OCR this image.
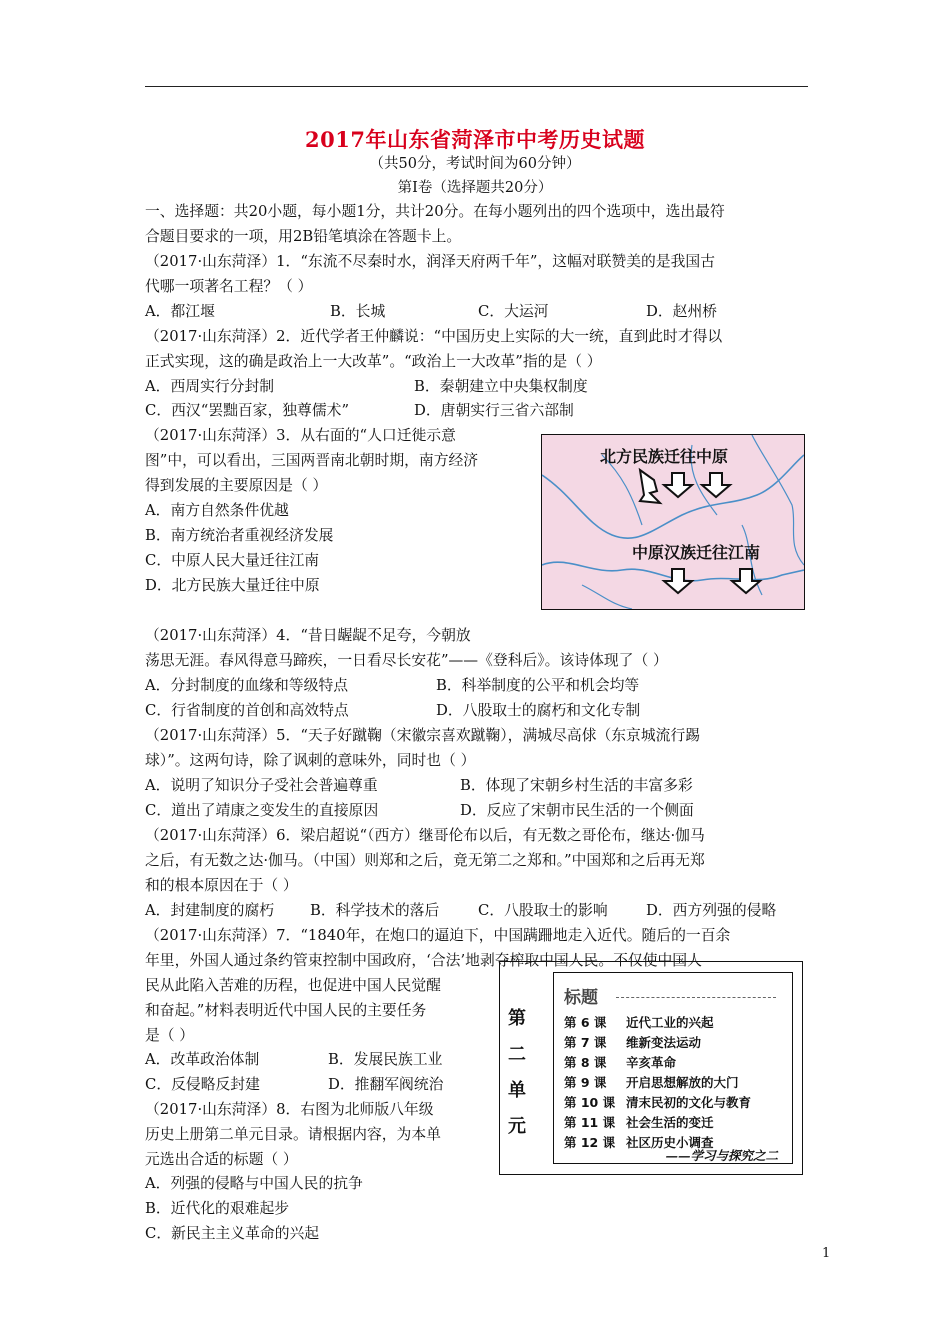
2017年山东省菏泽市中考历史试题
（共50分，考试时间为60分钟）
第Ⅰ卷（选择题共20分）
一、选择题：共20小题，每小题1分，共计20分。在每小题列出的四个选项中，选出最符
合题目要求的一项，用2B铅笔填涂在答题卡上。
（2017·山东菏泽）1．“东流不尽秦时水，润泽天府两千年”，这幅对联赞美的是我国古
代哪一项著名工程？（ ）
A．都江堰	B．长城	C．大运河	D．赵州桥
（2017·山东菏泽）2．近代学者王仲麟说：“中国历史上实际的大一统，直到此时才得以
正式实现，这的确是政治上一大改革”。“政治上一大改革”指的是（ ）
A．西周实行分封制	B．秦朝建立中央集权制度
C．西汉“罢黜百家，独尊儒术”	D．唐朝实行三省六部制
（2017·山东菏泽）3．从右面的“人口迁徙示意
图”中，可以看出，三国两晋南北朝时期，南方经济
得到发展的主要原因是（ ）
A．南方自然条件优越
B．南方统治者重视经济发展
C．中原人民大量迁往江南
D．北方民族大量迁往中原
北方民族迁往中原
中原汉族迁往江南
（2017·山东菏泽）4．“昔日龌龊不足夸，今朝放
荡思无涯。春风得意马蹄疾，一日看尽长安花”——《登科后》。该诗体现了（ ）
A．分封制度的血缘和等级特点	B．科举制度的公平和机会均等
C．行省制度的首创和高效特点	D．八股取士的腐朽和文化专制
（2017·山东菏泽）5．“天子好蹴鞠（宋徽宗喜欢蹴鞠），满城尽高俅（东京城流行踢
球）”。这两句诗，除了讽刺的意味外，同时也（ ）
A．说明了知识分子受社会普遍尊重	B．体现了宋朝乡村生活的丰富多彩
C．道出了靖康之变发生的直接原因	D．反应了宋朝市民生活的一个侧面
（2017·山东菏泽）6．梁启超说“（西方）继哥伦布以后，有无数之哥伦布，继达·伽马
之后，有无数之达·伽马。（中国）则郑和之后，竟无第二之郑和。”中国郑和之后再无郑
和的根本原因在于（ ）
A．封建制度的腐朽 B．科学技术的落后	C．八股取士的影响	D．西方列强的侵略
（2017·山东菏泽）7．“1840年，在炮口的逼迫下，中国蹒跚地走入近代。随后的一百余
年里，外国人通过条约管束控制中国政府，‘合法’地剥夺榨取中国人民。不仅使中国人
民从此陷入苦难的历程，也促进中国人民觉醒
和奋起。”材料表明近代中国人民的主要任务
是（ ）
A．改革政治体制	B．发展民族工业
C．反侵略反封建	D．推翻军阀统治
（2017·山东菏泽）8．右图为北师版八年级
历史上册第二单元目录。请根据内容，为本单
元选出合适的标题（ ）
A．列强的侵略与中国人民的抗争
B．近代化的艰难起步
C．新民主主义革命的兴起
第
二
单
元
标题
第 6 课 近代工业的兴起
第 7 课 维新变法运动
第 8 课 辛亥革命
第 9 课 开启思想解放的大门
第 10 课 清末民初的文化与教育
第 11 课 社会生活的变迁
第 12 课 社区历史小调查
——学习与探究之二
1
